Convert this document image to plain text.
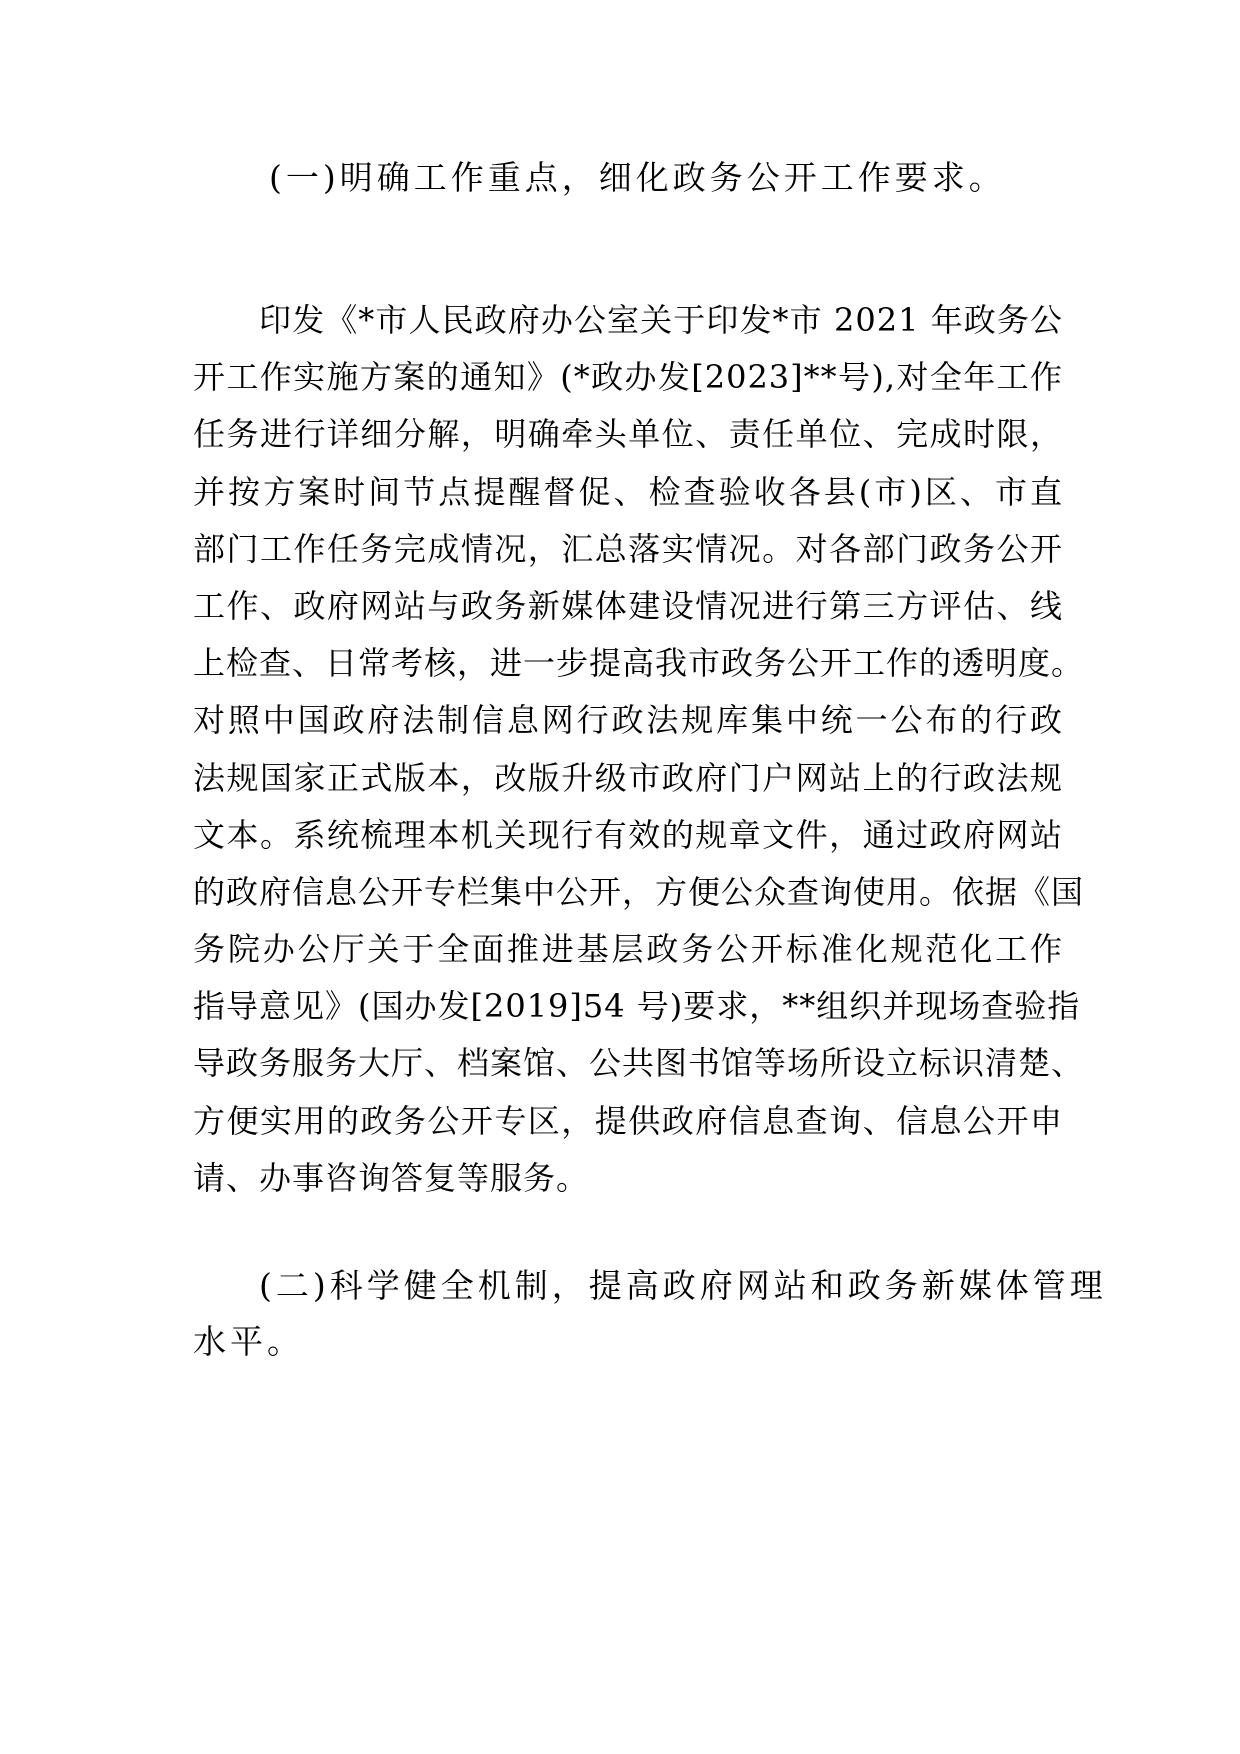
(一)明确工作重点，细化政务公开工作要求。
印发《*市人民政府办公室关于印发*市 2021 年政务公
开工作实施方案的通知》(*政办发[2023]**号),对全年工作
任务进行详细分解，明确牵头单位、责任单位、完成时限，
并按方案时间节点提醒督促、检查验收各县(市)区、市直
部门工作任务完成情况，汇总落实情况。对各部门政务公开
工作、政府网站与政务新媒体建设情况进行第三方评估、线
上检查、日常考核，进一步提高我市政务公开工作的透明度。
对照中国政府法制信息网行政法规库集中统一公布的行政
法规国家正式版本，改版升级市政府门户网站上的行政法规
文本。系统梳理本机关现行有效的规章文件，通过政府网站
的政府信息公开专栏集中公开，方便公众查询使用。依据《国
务院办公厅关于全面推进基层政务公开标准化规范化工作
指导意见》(国办发[2019]54 号)要求，**组织并现场查验指
导政务服务大厅、档案馆、公共图书馆等场所设立标识清楚、
方便实用的政务公开专区，提供政府信息查询、信息公开申
请、办事咨询答复等服务。
(二)科学健全机制，提高政府网站和政务新媒体管理
水平。
